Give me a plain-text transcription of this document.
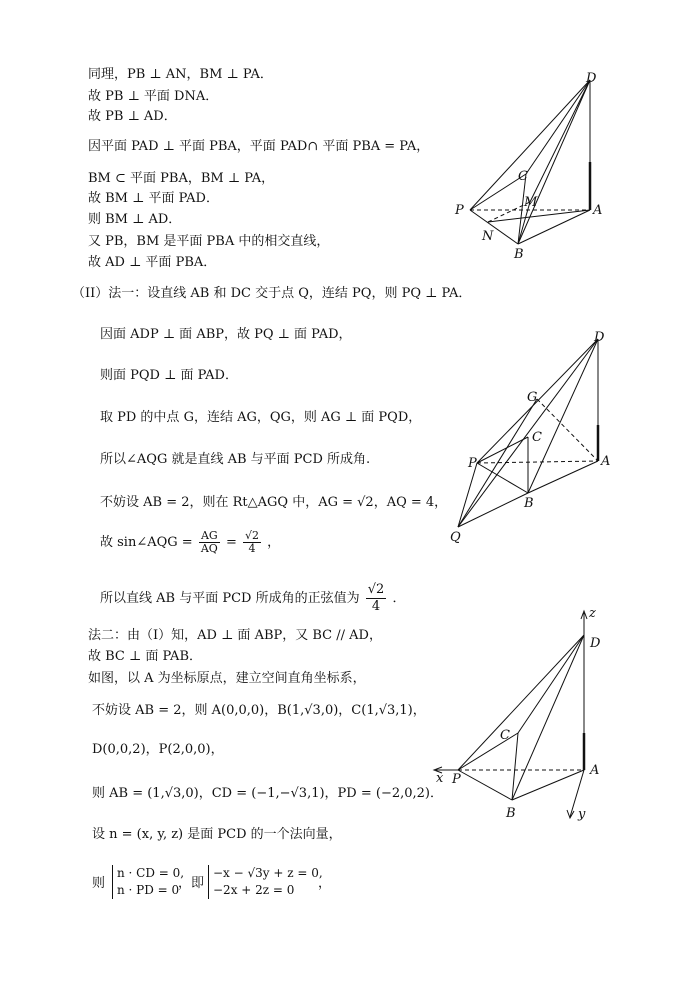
同理，PB ⊥ AN，BM ⊥ PA．
故 PB ⊥ 平面 DNA．
故 PB ⊥ AD．
因平面 PAD ⊥ 平面 PBA，平面 PAD∩ 平面 PBA = PA，
BM ⊂ 平面 PBA，BM ⊥ PA，
故 BM ⊥ 平面 PAD．
则 BM ⊥ AD．
又 PB，BM 是平面 PBA 中的相交直线，
故 AD ⊥ 平面 PBA．
D
C
M
P	A
N
B
（II）法一：设直线 AB 和 DC 交于点 Q，连结 PQ，则 PQ ⊥ PA．
因面 ADP ⊥ 面 ABP，故 PQ ⊥ 面 PAD，
则面 PQD ⊥ 面 PAD．
取 PD 的中点 G，连结 AG，QG，则 AG ⊥ 面 PQD，
所以∠AQG 就是直线 AB 与平面 PCD 所成角.
不妨设 AB = 2，则在 Rt△AGQ 中，AG = √2，AQ = 4，
故 sin∠AQG = $\frac{AG}{AQ} = \frac{√2}{4}$ ，
所以直线 AB 与平面 PCD 所成角的正弦值为 $\frac{√2}{4}$ ．
D
G
C
P	A
B
Q
法二：由（I）知，AD ⊥ 面 ABP，又 BC // AD，
故 BC ⊥ 面 PAB．
如图，以 A 为坐标原点，建立空间直角坐标系，
不妨设 AB = 2，则 A(0,0,0)，B(1,√3,0)，C(1,√3,1)，
D(0,0,2)，P(2,0,0)，
则 AB = (1,√3,0)，CD = (−1,−√3,1)，PD = (−2,0,2)．
设 n = (x, y, z) 是面 PCD 的一个法向量，
则
n · CD = 0,
n · PD = 0
，即
−x − √3y + z = 0,
−2x + 2z = 0	，
z
D
C
x P
A
B	y
